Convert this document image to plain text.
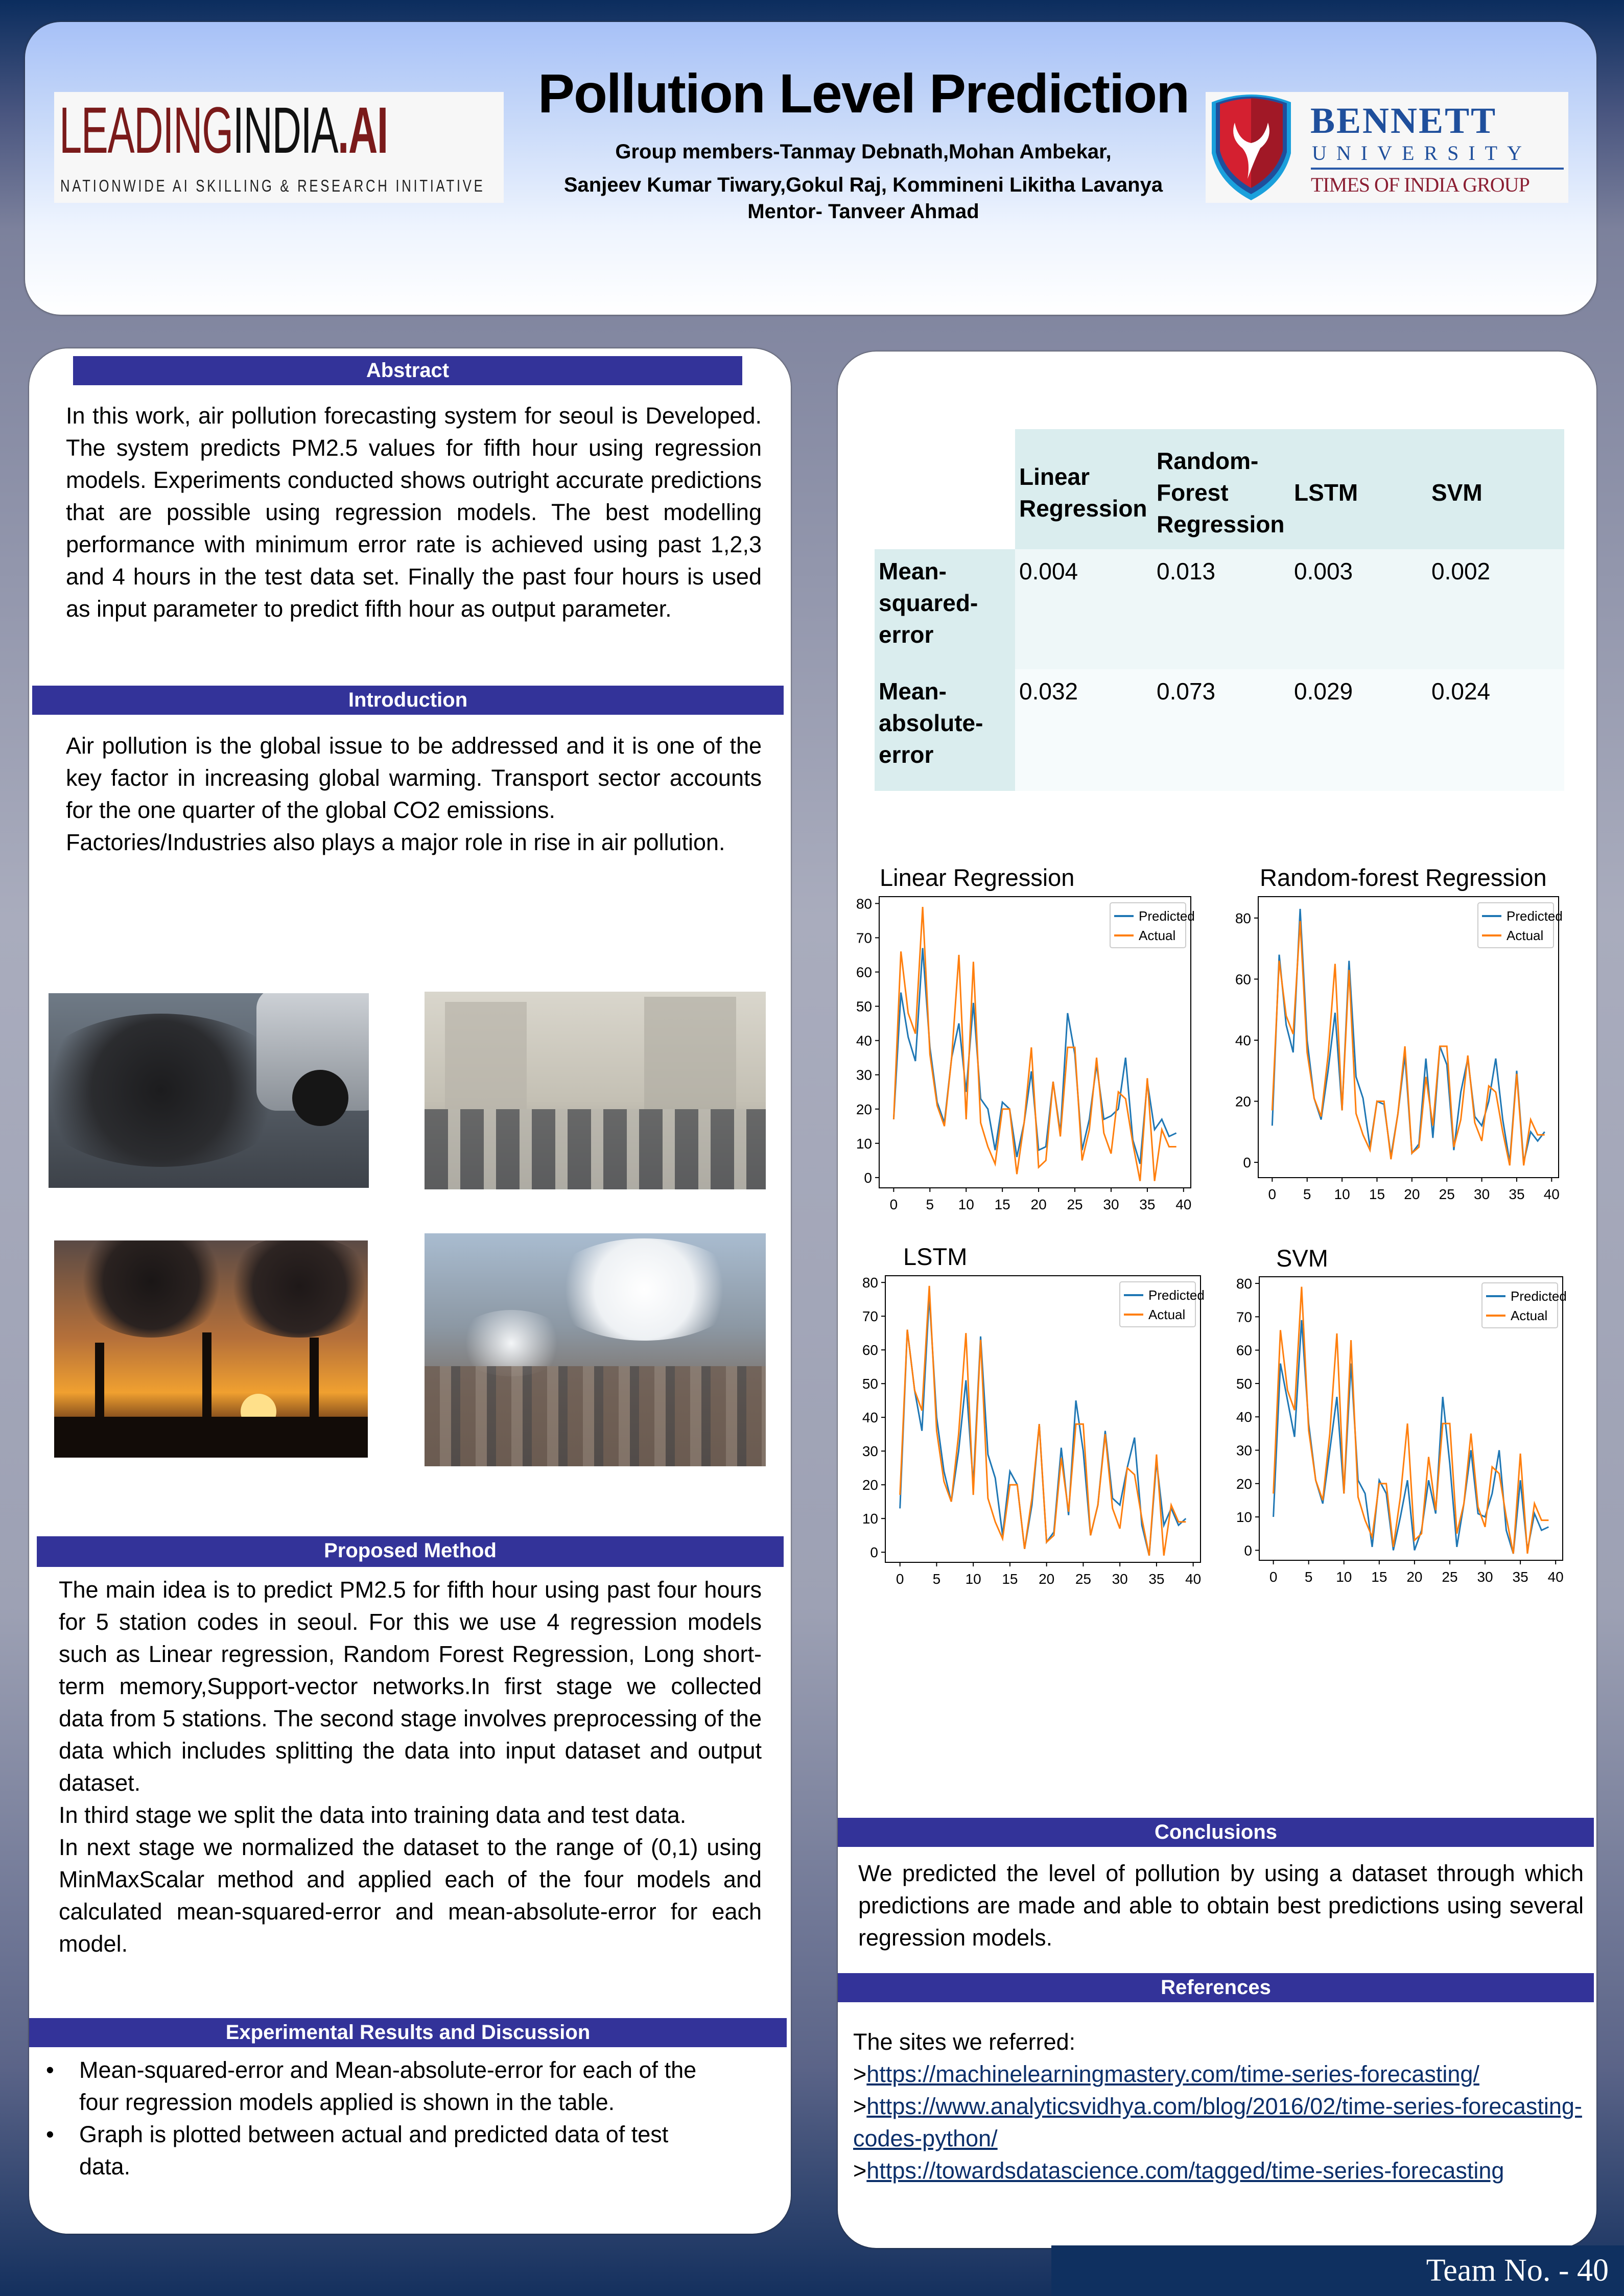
LEADINGINDIA.AI
NATIONWIDE AI SKILLING & RESEARCH INITIATIVE
Pollution Level Prediction
Group members-Tanmay Debnath,Mohan Ambekar,
Sanjeev Kumar Tiwary,Gokul Raj, Kommineni Likitha Lavanya
Mentor- Tanveer Ahmad
BENNETT
UNIVERSITY
TIMES OF INDIA GROUP
Abstract
In this work, air pollution forecasting system for seoul is Developed. The system predicts PM2.5 values for fifth hour using regression models. Experiments conducted shows outright accurate predictions that are possible using regression models. The best modelling performance with minimum error rate is achieved using past 1,2,3 and 4 hours in the test data set. Finally the past four hours is used as input parameter to predict fifth hour as output parameter.
Introduction
Air pollution is the global issue to be addressed and it is one of the key factor in increasing global warming. Transport sector accounts for the one quarter of the global CO2 emissions.
Factories/Industries also plays a major role in rise in air pollution.
Proposed Method
The main idea is to predict PM2.5 for fifth hour using past four hours for 5 station codes in seoul. For this we use 4 regression models such as Linear regression, Random Forest Regression, Long short-term memory,Support-vector networks.In first stage we collected data from 5 stations. The second stage involves preprocessing of the data which includes splitting the data into input dataset and output dataset.
In third stage we split the data into training data and test data.
In next stage we normalized the dataset to the range of (0,1) using MinMaxScalar method and applied each of the four models and calculated mean-squared-error and mean-absolute-error for each model.
Experimental Results and Discussion
• Mean-squared-error and Mean-absolute-error for each of the four regression models applied is shown in the table.
• Graph is plotted between actual and predicted data of test data.
	Linear Regression	Random-Forest Regression	LSTM	SVM
Mean-squared-error	0.004	0.013	0.003	0.002
Mean-absolute-error	0.032	0.073	0.029	0.024
Linear Regression	Random-forest Regression
LSTM	SVM
0
10
20
30
40
50
60
70
80
0 5 10 15 20 25 30 35 40
Predicted
Actual
0
20
40
60
80
0 5 10 15 20 25 30 35 40
Predicted
Actual
0
10
20
30
40
50
60
70
80
0 5 10 15 20 25 30 35 40
Predicted
Actual
0
10
20
30
40
50
60
70
80
0 5 10 15 20 25 30 35 40
Predicted
Actual
Conclusions
We predicted the level of pollution by using a dataset through which predictions are made and able to obtain best predictions using several regression models.
References
The sites we referred:
>https://machinelearningmastery.com/time-series-forecasting/
>https://www.analyticsvidhya.com/blog/2016/02/time-series-forecasting-codes-python/
>https://towardsdatascience.com/tagged/time-series-forecasting
Team No. - 40
